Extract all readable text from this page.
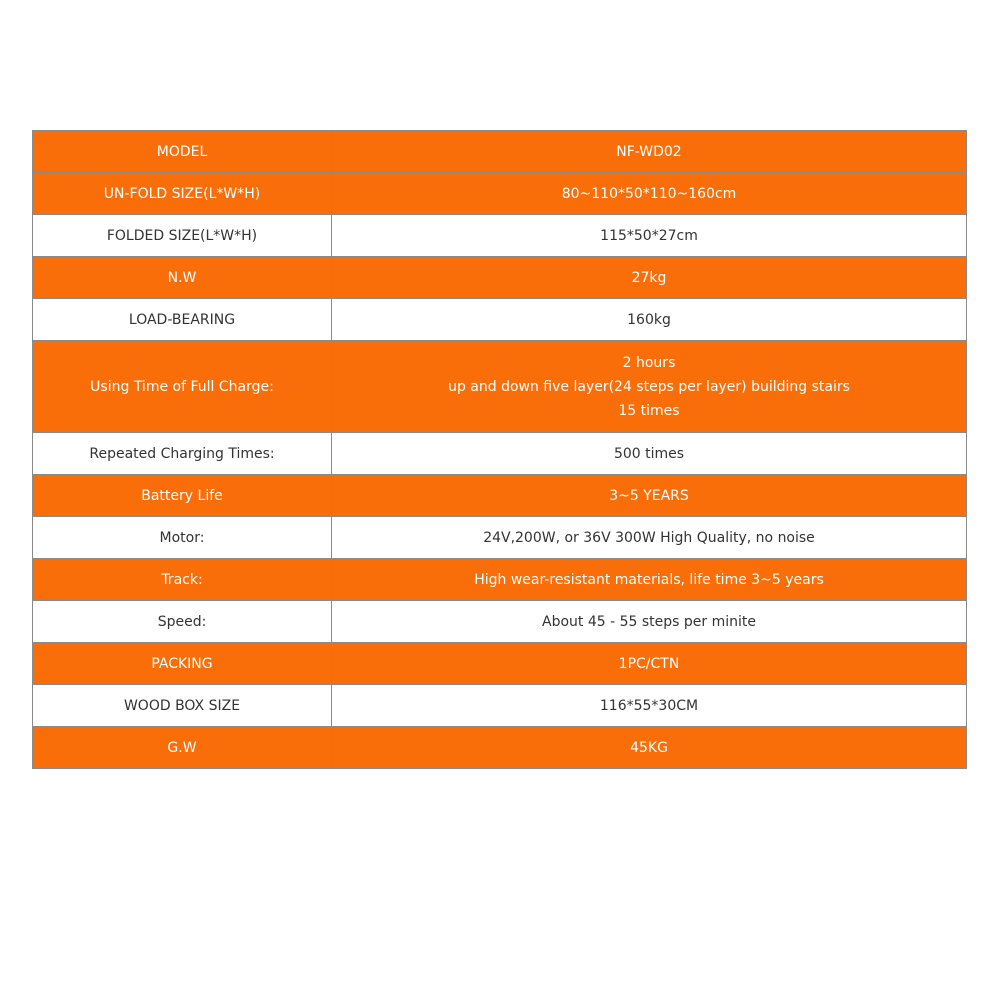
MODEL	NF-WD02
UN-FOLD SIZE(L*W*H)	80~110*50*110~160cm
FOLDED SIZE(L*W*H)	115*50*27cm
N.W	27kg
LOAD-BEARING	160kg
Using Time of Full Charge:	2 hours
up and down five layer(24 steps per layer) building stairs
15 times

Repeated Charging Times:	500 times
Battery Life	3~5 YEARS
Motor:	24V,200W, or 36V 300W High Quality, no noise
Track:	High wear-resistant materials, life time 3~5 years
Speed:	About 45 - 55 steps per minite
PACKING	1PC/CTN
WOOD BOX SIZE	116*55*30CM
G.W	45KG
